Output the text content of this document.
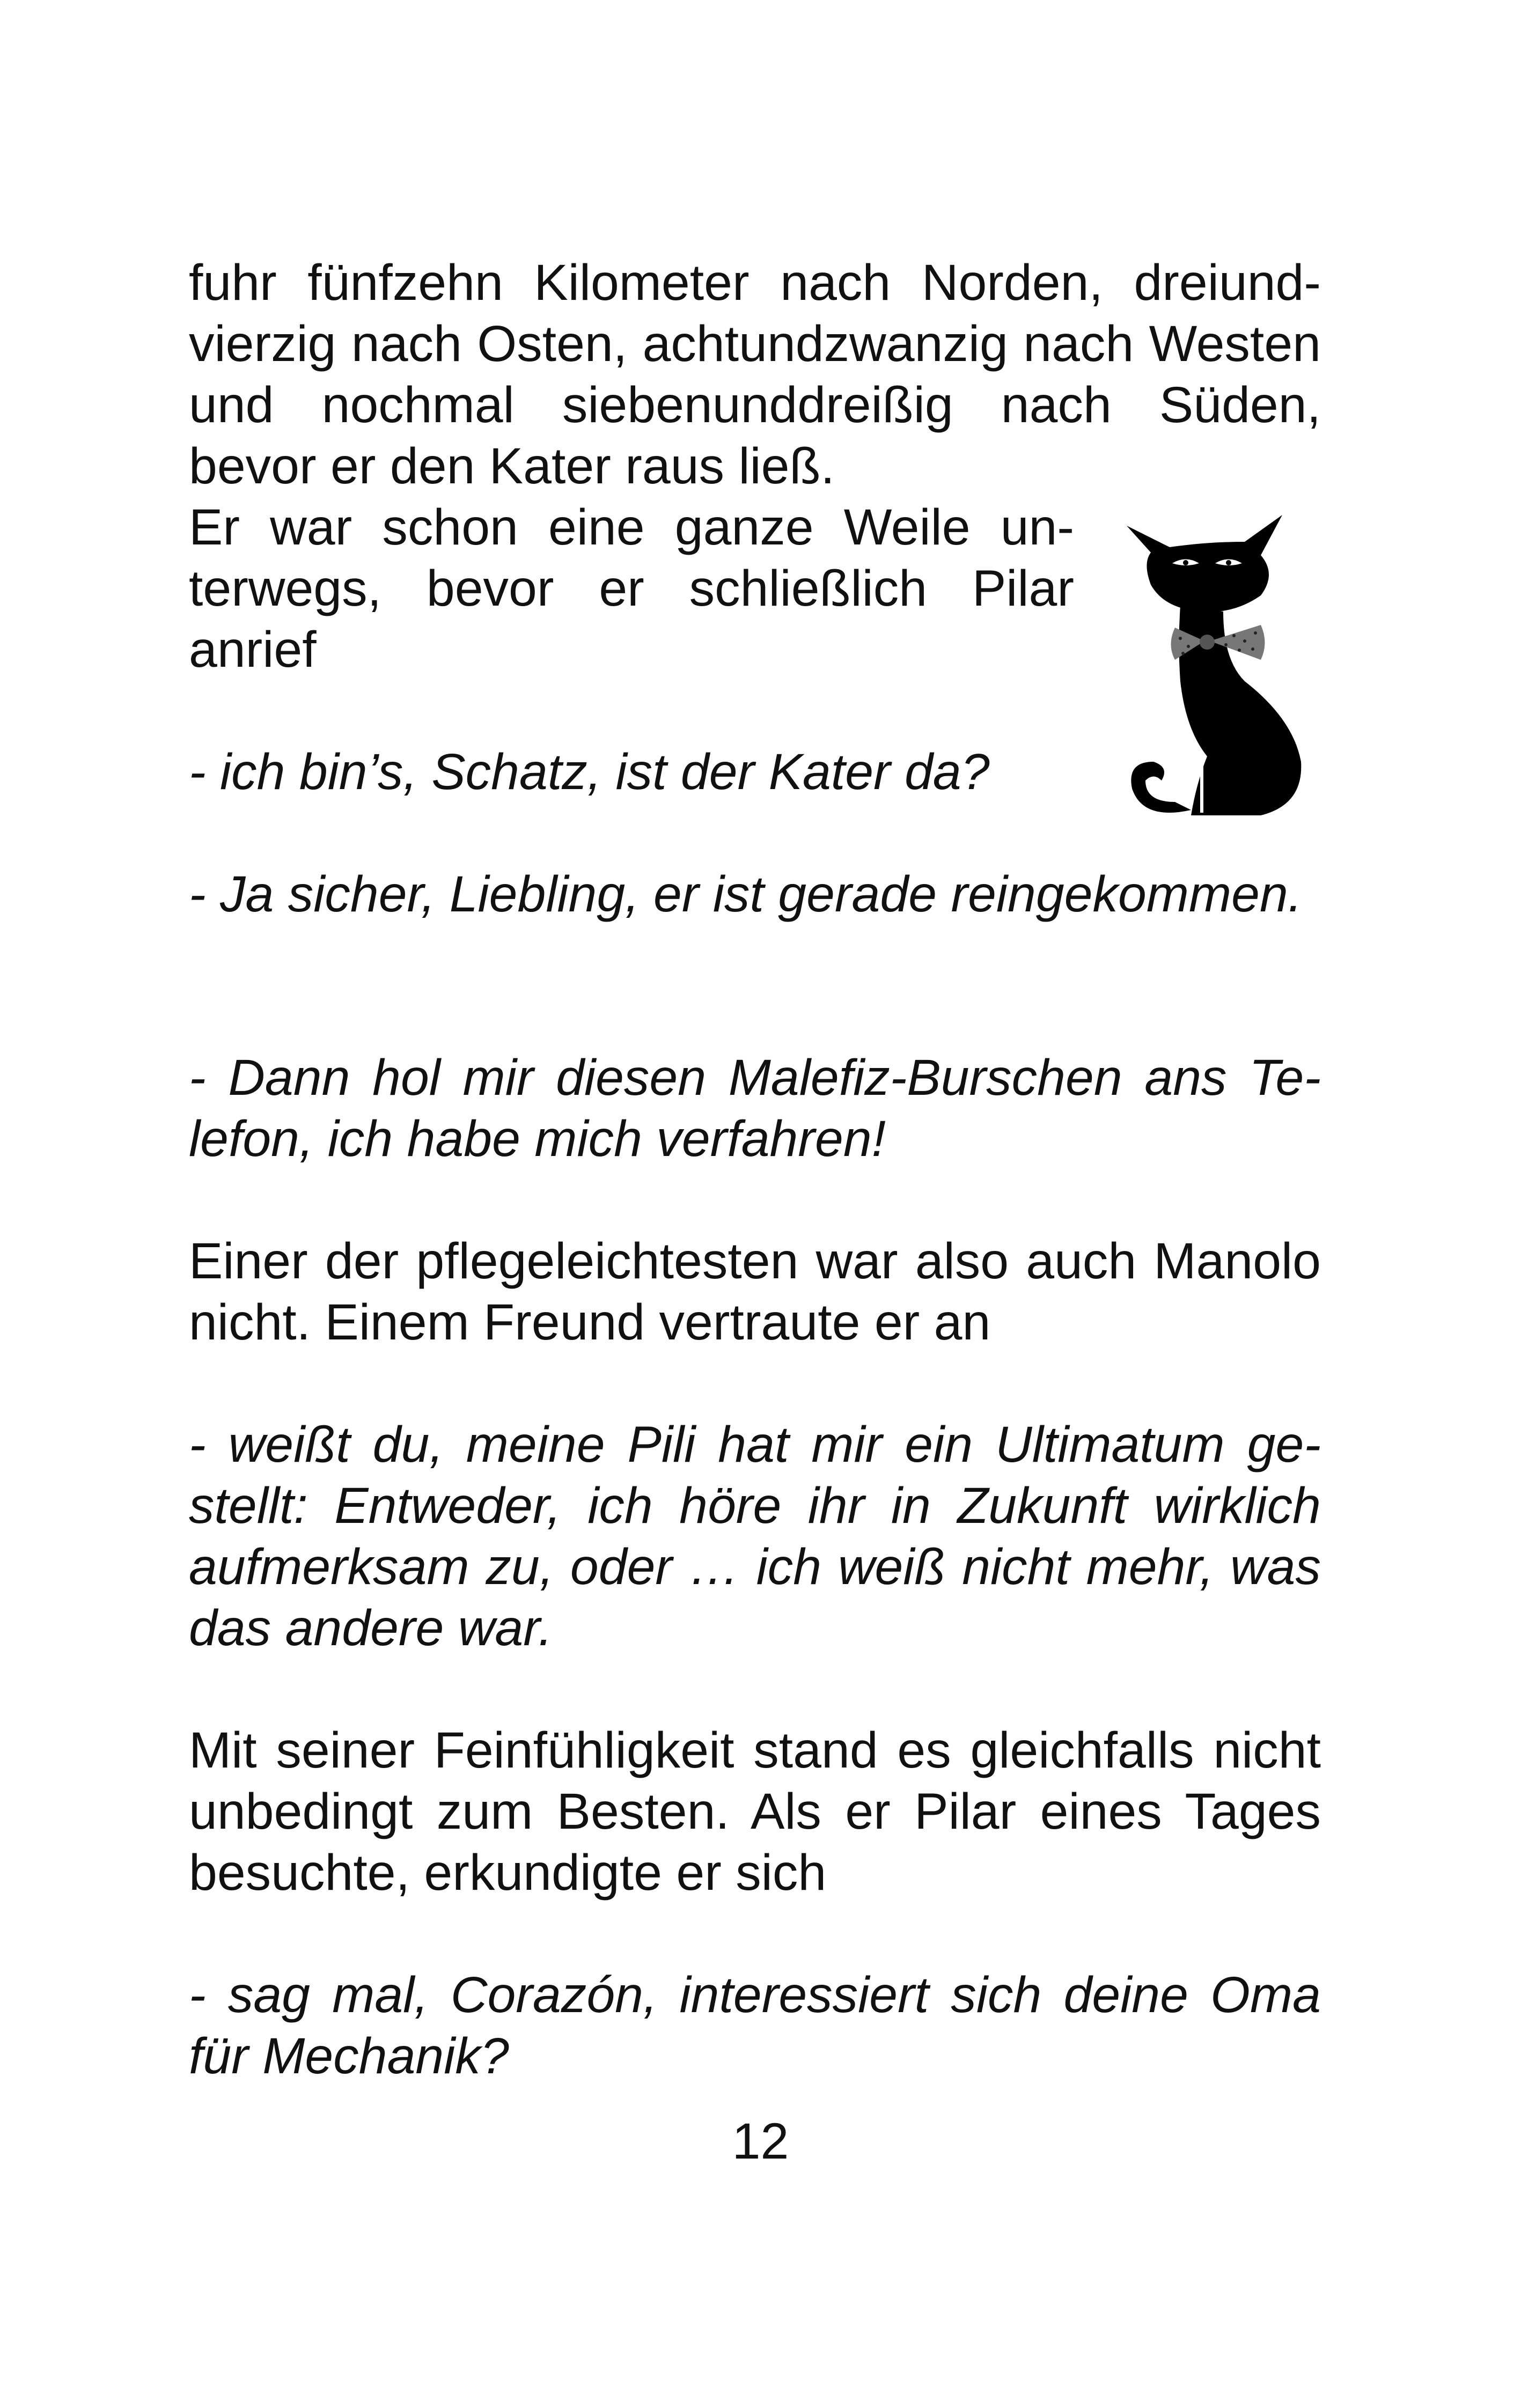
fuhr fünfzehn Kilometer nach Norden, dreiundvierzig nach Osten, achtundzwanzig nach Westen und nochmal siebenunddreißig nach Süden, bevor er den Kater raus ließ.
Er war schon eine ganze Weile unterwegs, bevor er schließlich Pilar anrief
- ich bin’s, Schatz, ist der Kater da?
- Ja sicher, Liebling, er ist gerade reingekommen.
- Dann hol mir diesen Malefiz-Burschen ans Telefon, ich habe mich verfahren!
Einer der pflegeleichtesten war also auch Manolo nicht. Einem Freund vertraute er an
- weißt du, meine Pili hat mir ein Ultimatum gestellt: Entweder, ich höre ihr in Zukunft wirklich aufmerksam zu, oder … ich weiß nicht mehr, was das andere war.
Mit seiner Feinfühligkeit stand es gleichfalls nicht unbedingt zum Besten. Als er Pilar eines Tages besuchte, erkundigte er sich
- sag mal, Corazón, interessiert sich deine Oma für Mechanik?
12
